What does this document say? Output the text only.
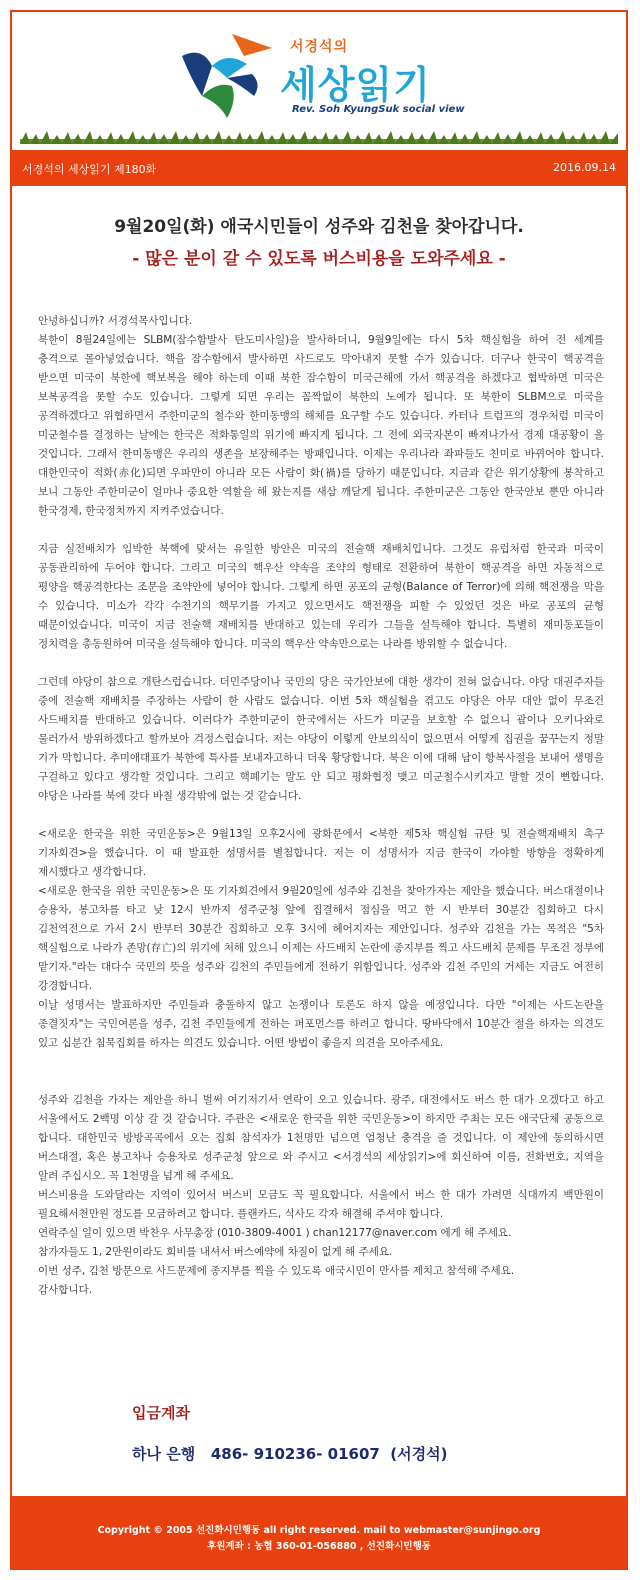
서경석의
세상읽기
Rev. Soh KyungSuk social view
서경석의 세상읽기 제180화	2016.09.14
9월20일(화) 애국시민들이 성주와 김천을 찾아갑니다.
- 많은 분이 갈 수 있도록 버스비용을 도와주세요 -

안녕하십니까? 서경석목사입니다.

북한이 8월24일에는 SLBM(잠수함발사 탄도미사일)을 발사하더니, 9월9일에는 다시 5차 핵실험을 하여 전 세계를 충격으로 몰아넣었습니다. 핵을 잠수함에서 발사하면 사드로도 막아내지 못할 수가 있습니다. 더구나 한국이 핵공격을 받으면 미국이 북한에 핵보복을 해야 하는데 이때 북한 잠수함이 미국근해에 가서 핵공격을 하겠다고 협박하면 미국은 보복공격을 못할 수도 있습니다. 그렇게 되면 우리는 꼼짝없이 북한의 노예가 됩니다. 또 북한이 SLBM으로 미국을 공격하겠다고 위협하면서 주한미군의 철수와 한미동맹의 해체를 요구할 수도 있습니다. 카터나 트럼프의 경우처럼 미국이 미군철수를 결정하는 날에는 한국은 적화통일의 위기에 빠지게 됩니다. 그 전에 외국자본이 빠져나가서 경제 대공황이 올 것입니다. 그래서 한미동맹은 우리의 생존을 보장해주는 방패입니다. 이제는 우리나라 좌파들도 친미로 바뀌어야 합니다. 대한민국이 적화(赤化)되면 우파만이 아니라 모든 사람이 화(禍)를 당하기 때문입니다. 지금과 같은 위기상황에 봉착하고 보니 그동안 주한미군이 얼마나 중요한 역할을 해 왔는지를 새삼 깨닫게 됩니다. 주한미군은 그동안 한국안보 뿐만 아니라 한국경제, 한국정치까지 지켜주었습니다.

지금 실전배치가 임박한 북핵에 맞서는 유일한 방안은 미국의 전술핵 재배치입니다. 그것도 유럽처럼 한국과 미국이 공동관리하에 두어야 합니다. 그리고 미국의 핵우산 약속을 조약의 형태로 전환하여 북한이 핵공격을 하면 자동적으로 평양을 핵공격한다는 조문을 조약안에 넣어야 합니다. 그렇게 하면 공포의 균형(Balance of Terror)에 의해 핵전쟁을 막을 수 있습니다. 미소가 각각 수천기의 핵무기를 가지고 있으면서도 핵전쟁을 피할 수 있었던 것은 바로 공포의 균형 때문이었습니다. 미국이 지금 전술핵 재배치를 반대하고 있는데 우리가 그들을 설득해야 합니다. 특별히 재미동포들이 정치력을 총동원하여 미국을 설득해야 합니다. 미국의 핵우산 약속만으로는 나라를 방위할 수 없습니다.

그런데 야당이 참으로 개탄스럽습니다. 더민주당이나 국민의 당은 국가안보에 대한 생각이 전혀 없습니다. 야당 대권주자들 중에 전술핵 재배치를 주장하는 사람이 한 사람도 없습니다. 이번 5차 핵실험을 겪고도 야당은 아무 대안 없이 무조건 사드배치를 반대하고 있습니다. 이러다가 주한미군이 한국에서는 사드가 미군을 보호할 수 없으니 괌이나 오키나와로 물러가서 방위하겠다고 할까보아 걱정스럽습니다. 저는 야당이 이렇게 안보의식이 없으면서 어떻게 집권을 꿈꾸는지 정말 기가 막힙니다. 추미애대표가 북한에 특사를 보내자고하니 더욱 황당합니다. 북은 이에 대해 남이 항복사절을 보내어 생명을 구걸하고 있다고 생각할 것입니다. 그리고 핵폐기는 말도 안 되고 평화협정 맺고 미군철수시키자고 말할 것이 뻔합니다. 야당은 나라를 북에 갖다 바칠 생각밖에 없는 것 같습니다.

<새로운 한국을 위한 국민운동>은 9월13일 오후2시에 광화문에서 <북한 제5차 핵실험 규탄 및 전술핵재배치 촉구 기자회견>을 했습니다. 이 때 발표한 성명서를 별첨합니다. 저는 이 성명서가 지금 한국이 가야할 방향을 정확하게 제시했다고 생각합니다.

<새로운 한국을 위한 국민운동>은 또 기자회견에서 9월20일에 성주와 김천을 찾아가자는 제안을 했습니다. 버스대절이나 승용차, 봉고차를 타고 낮 12시 반까지 성주군청 앞에 집결해서 점심을 먹고 한 시 반부터 30분간 집회하고 다시 김천역전으로 가서 2시 반부터 30분간 집회하고 오후 3시에 헤어지자는 제안입니다. 성주와 김천을 가는 목적은 "5차 핵실험으로 나라가 존망(存亡)의 위기에 처해 있으니 이제는 사드배치 논란에 종지부를 찍고 사드배치 문제를 무조건 정부에 맡기자."라는 대다수 국민의 뜻을 성주와 김천의 주민들에게 전하기 위함입니다. 성주와 김천 주민의 거세는 지금도 여전히 강경합니다.

이날 성명서는 발표하지만 주민들과 충돌하지 않고 논쟁이나 토론도 하지 않을 예정입니다. 다만 "이제는 사드논란을 종결짓자"는 국민여론을 성주, 김천 주민들에게 전하는 퍼포먼스를 하려고 합니다. 땅바닥에서 10분간 절을 하자는 의견도 있고 십분간 침묵집회를 하자는 의견도 있습니다. 어떤 방법이 좋을지 의견을 모아주세요.

성주와 김천을 가자는 제안을 하니 벌써 여기저기서 연락이 오고 있습니다. 광주, 대전에서도 버스 한 대가 오겠다고 하고 서울에서도 2백명 이상 갈 것 같습니다. 주관은 <새로운 한국을 위한 국민운동>이 하지만 주최는 모든 애국단체 공동으로 합니다. 대한민국 방방곡곡에서 오는 집회 참석자가 1천명만 넘으면 엄청난 충격을 줄 것입니다. 이 제안에 동의하시면 버스대절, 혹은 봉고차나 승용차로 성주군청 앞으로 와 주시고 <서경석의 세상읽기>에 회신하여 이름, 전화번호, 지역을 알려 주십시오. 꼭 1천명을 넘게 해 주세요.

버스비용을 도와달라는 지역이 있어서 버스비 모금도 꼭 필요합니다. 서울에서 버스 한 대가 가려면 식대까지 백만원이 필요해서천만원 정도를 모금하려고 합니다. 플랜카드, 식사도 각자 해결해 주셔야 합니다.

연락주실 일이 있으면 박찬우 사무총장 (010-3809-4001 ) chan12177@naver.com 에게 해 주세요.

참가자들도 1, 2만원이라도 회비를 내셔서 버스예약에 차질이 없게 해 주세요.

이번 성주, 김천 방문으로 사드문제에 종지부를 찍을 수 있도록 애국시민이 만사를 제치고 참석해 주세요.

감사합니다.

입금계좌
하나 은행   486- 910236- 01607  (서경석)
Copyright © 2005 선진화시민행동 all right reserved. mail to webmaster@sunjingo.org
후원계좌 : 농협 360-01-056880 , 선진화시민행동
